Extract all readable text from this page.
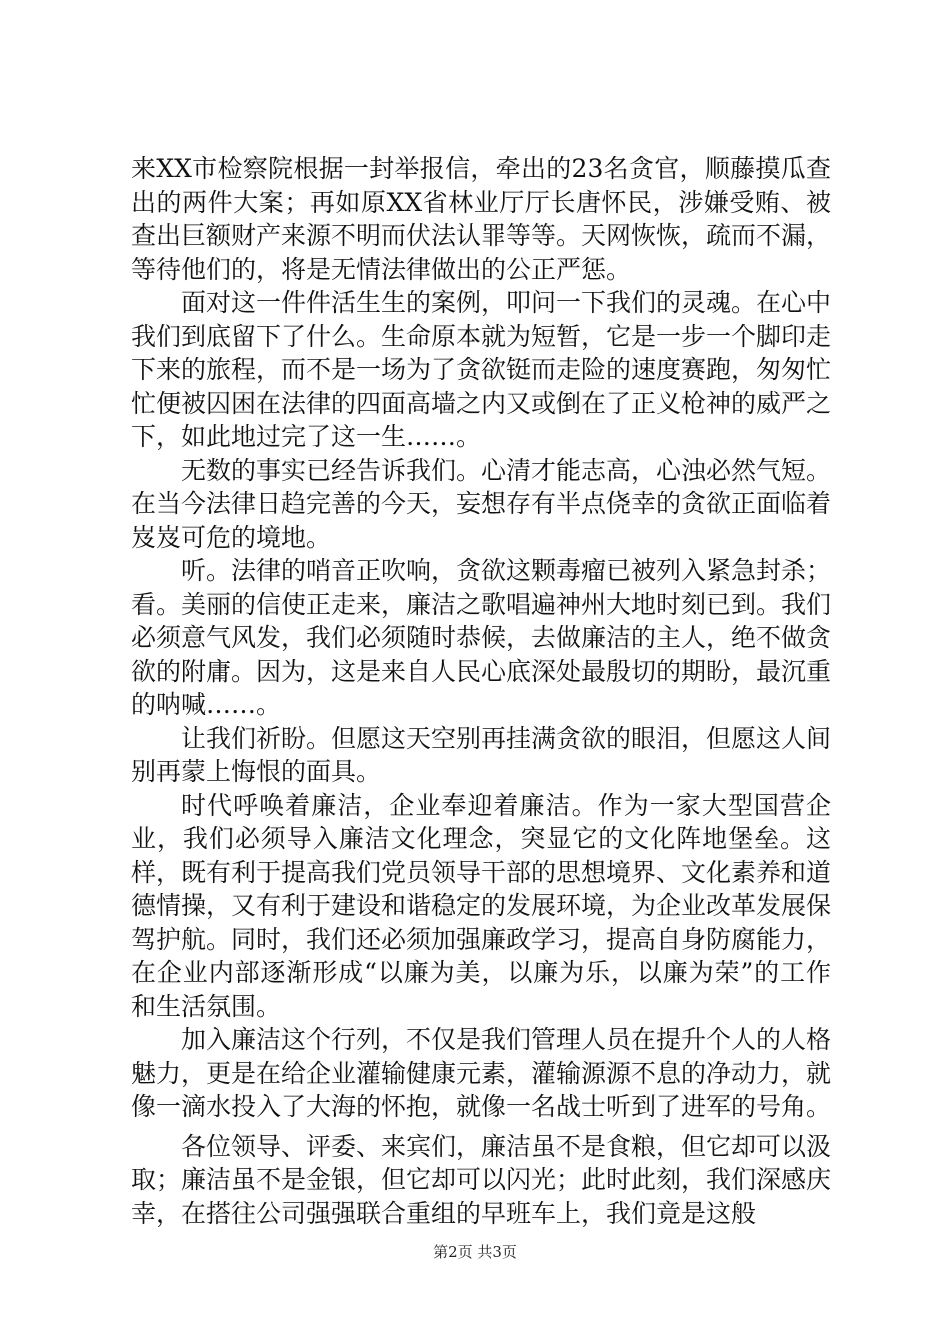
来XX市检察院根据一封举报信，牵出的23名贪官，顺藤摸瓜查出的两件大案；再如原XX省林业厅厅长唐怀民，涉嫌受贿、被查出巨额财产来源不明而伏法认罪等等。天网恢恢，疏而不漏，等待他们的，将是无情法律做出的公正严惩。

面对这一件件活生生的案例，叩问一下我们的灵魂。在心中我们到底留下了什么。生命原本就为短暂，它是一步一个脚印走下来的旅程，而不是一场为了贪欲铤而走险的速度赛跑，匆匆忙忙便被囚困在法律的四面高墙之内又或倒在了正义枪神的威严之下，如此地过完了这一生……。

无数的事实已经告诉我们。心清才能志高，心浊必然气短。在当今法律日趋完善的今天，妄想存有半点侥幸的贪欲正面临着岌岌可危的境地。

听。法律的哨音正吹响，贪欲这颗毒瘤已被列入紧急封杀；看。美丽的信使正走来，廉洁之歌唱遍神州大地时刻已到。我们必须意气风发，我们必须随时恭候，去做廉洁的主人，绝不做贪欲的附庸。因为，这是来自人民心底深处最殷切的期盼，最沉重的呐喊……。

让我们祈盼。但愿这天空别再挂满贪欲的眼泪，但愿这人间别再蒙上悔恨的面具。

时代呼唤着廉洁，企业奉迎着廉洁。作为一家大型国营企业，我们必须导入廉洁文化理念，突显它的文化阵地堡垒。这样，既有利于提高我们党员领导干部的思想境界、文化素养和道德情操，又有利于建设和谐稳定的发展环境，为企业改革发展保驾护航。同时，我们还必须加强廉政学习，提高自身防腐能力，在企业内部逐渐形成“以廉为美，以廉为乐，以廉为荣”的工作和生活氛围。

加入廉洁这个行列，不仅是我们管理人员在提升个人的人格魅力，更是在给企业灌输健康元素，灌输源源不息的净动力，就像一滴水投入了大海的怀抱，就像一名战士听到了进军的号角。

各位领导、评委、来宾们，廉洁虽不是食粮，但它却可以汲取；廉洁虽不是金银，但它却可以闪光；此时此刻，我们深感庆幸，在搭往公司强强联合重组的早班车上，我们竟是这般

第2页 共3页
